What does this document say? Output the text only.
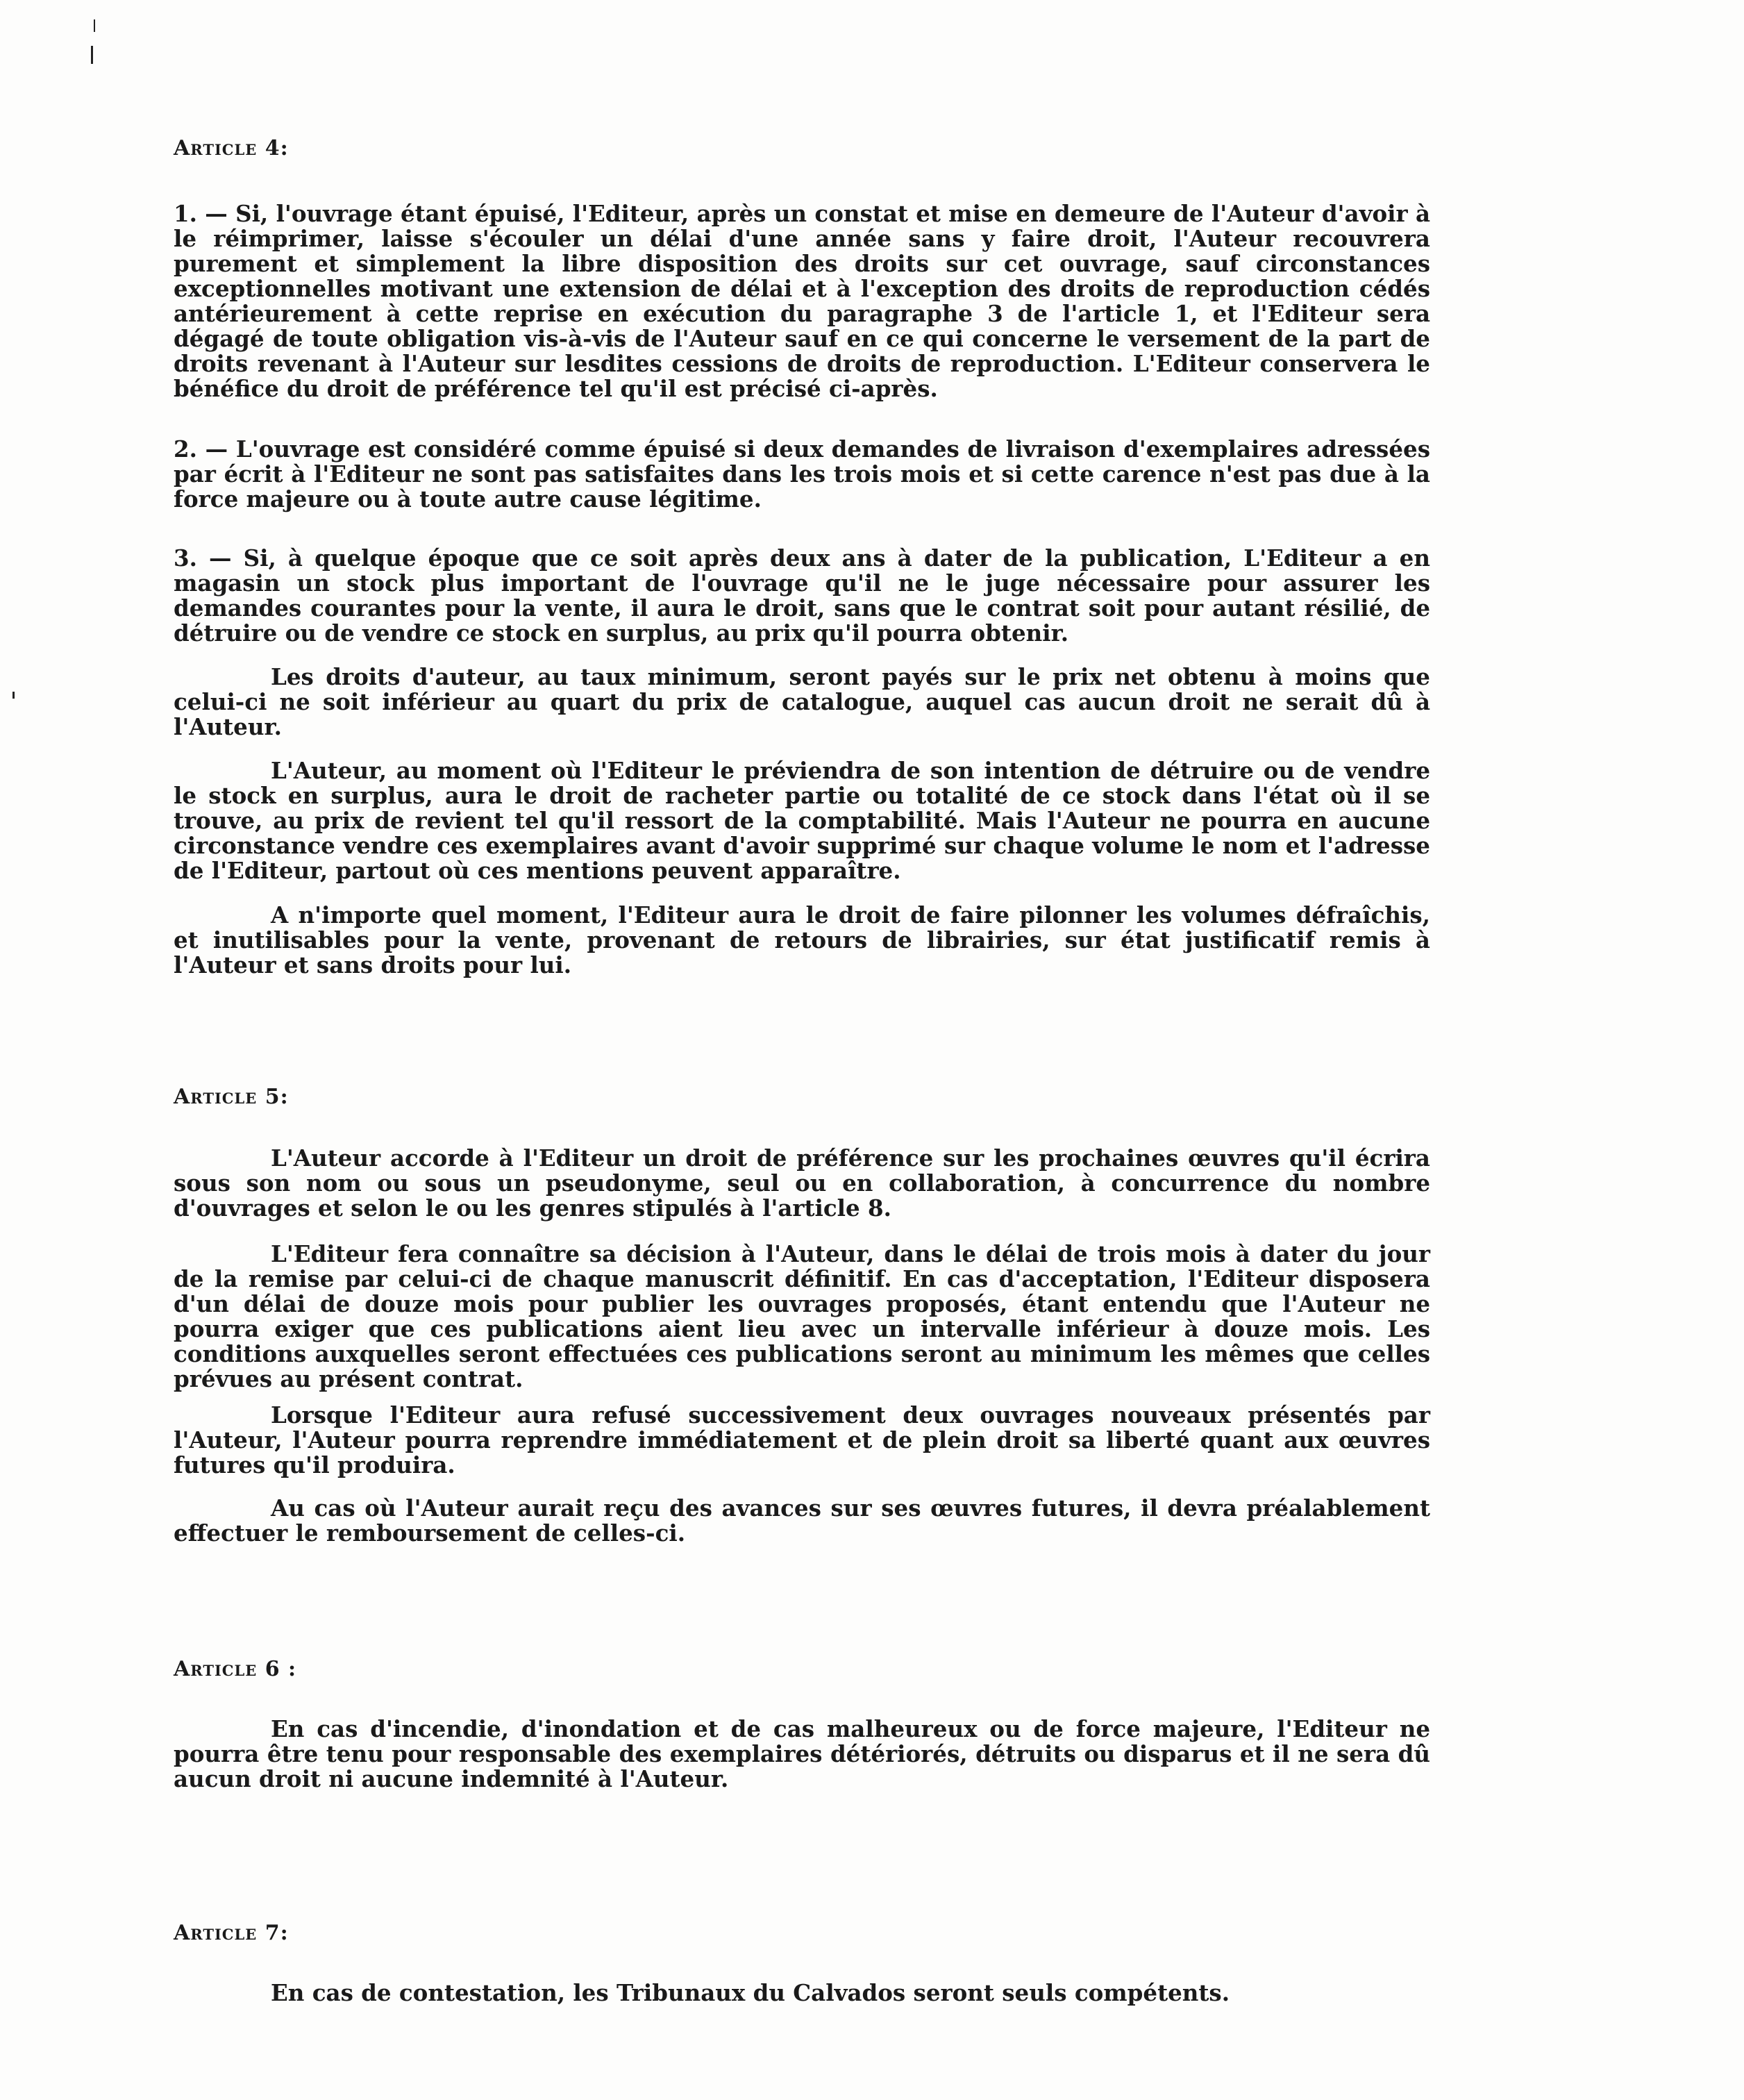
Article 4:

1. — Si, l'ouvrage étant épuisé, l'Editeur, après un constat et mise en demeure de l'Auteur d'avoir à le réimprimer, laisse s'écouler un délai d'une année sans y faire droit, l'Auteur recouvrera purement et simplement la libre disposition des droits sur cet ouvrage, sauf circonstances exceptionnelles motivant une extension de délai et à l'exception des droits de reproduction cédés antérieurement à cette reprise en exécution du paragraphe 3 de l'article 1, et l'Editeur sera dégagé de toute obligation vis-à-vis de l'Auteur sauf en ce qui concerne le versement de la part de droits revenant à l'Auteur sur lesdites cessions de droits de reproduction. L'Editeur conservera le bénéfice du droit de préférence tel qu'il est précisé ci-après.

2. — L'ouvrage est considéré comme épuisé si deux demandes de livraison d'exemplaires adressées par écrit à l'Editeur ne sont pas satisfaites dans les trois mois et si cette carence n'est pas due à la force majeure ou à toute autre cause légitime.

3. — Si, à quelque époque que ce soit après deux ans à dater de la publication, L'Editeur a en magasin un stock plus important de l'ouvrage qu'il ne le juge nécessaire pour assurer les demandes courantes pour la vente, il aura le droit, sans que le contrat soit pour autant résilié, de détruire ou de vendre ce stock en surplus, au prix qu'il pourra obtenir.

Les droits d'auteur, au taux minimum, seront payés sur le prix net obtenu à moins que celui-ci ne soit inférieur au quart du prix de catalogue, auquel cas aucun droit ne serait dû à l'Auteur.

L'Auteur, au moment où l'Editeur le préviendra de son intention de détruire ou de vendre le stock en surplus, aura le droit de racheter partie ou totalité de ce stock dans l'état où il se trouve, au prix de revient tel qu'il ressort de la comptabilité. Mais l'Auteur ne pourra en aucune circonstance vendre ces exemplaires avant d'avoir supprimé sur chaque volume le nom et l'adresse de l'Editeur, partout où ces mentions peuvent apparaître.

A n'importe quel moment, l'Editeur aura le droit de faire pilonner les volumes défraîchis, et inutilisables pour la vente, provenant de retours de librairies, sur état justificatif remis à l'Auteur et sans droits pour lui.

Article 5:

L'Auteur accorde à l'Editeur un droit de préférence sur les prochaines œuvres qu'il écrira sous son nom ou sous un pseudonyme, seul ou en collaboration, à concurrence du nombre d'ouvrages et selon le ou les genres stipulés à l'article 8.

L'Editeur fera connaître sa décision à l'Auteur, dans le délai de trois mois à dater du jour de la remise par celui-ci de chaque manuscrit définitif. En cas d'acceptation, l'Editeur disposera d'un délai de douze mois pour publier les ouvrages proposés, étant entendu que l'Auteur ne pourra exiger que ces publications aient lieu avec un intervalle inférieur à douze mois. Les conditions auxquelles seront effectuées ces publications seront au minimum les mêmes que celles prévues au présent contrat.

Lorsque l'Editeur aura refusé successivement deux ouvrages nouveaux présentés par l'Auteur, l'Auteur pourra reprendre immédiatement et de plein droit sa liberté quant aux œuvres futures qu'il produira.

Au cas où l'Auteur aurait reçu des avances sur ses œuvres futures, il devra préalablement effectuer le remboursement de celles-ci.

Article 6 :

En cas d'incendie, d'inondation et de cas malheureux ou de force majeure, l'Editeur ne pourra être tenu pour responsable des exemplaires détériorés, détruits ou disparus et il ne sera dû aucun droit ni aucune indemnité à l'Auteur.

Article 7:

En cas de contestation, les Tribunaux du Calvados seront seuls compétents.
